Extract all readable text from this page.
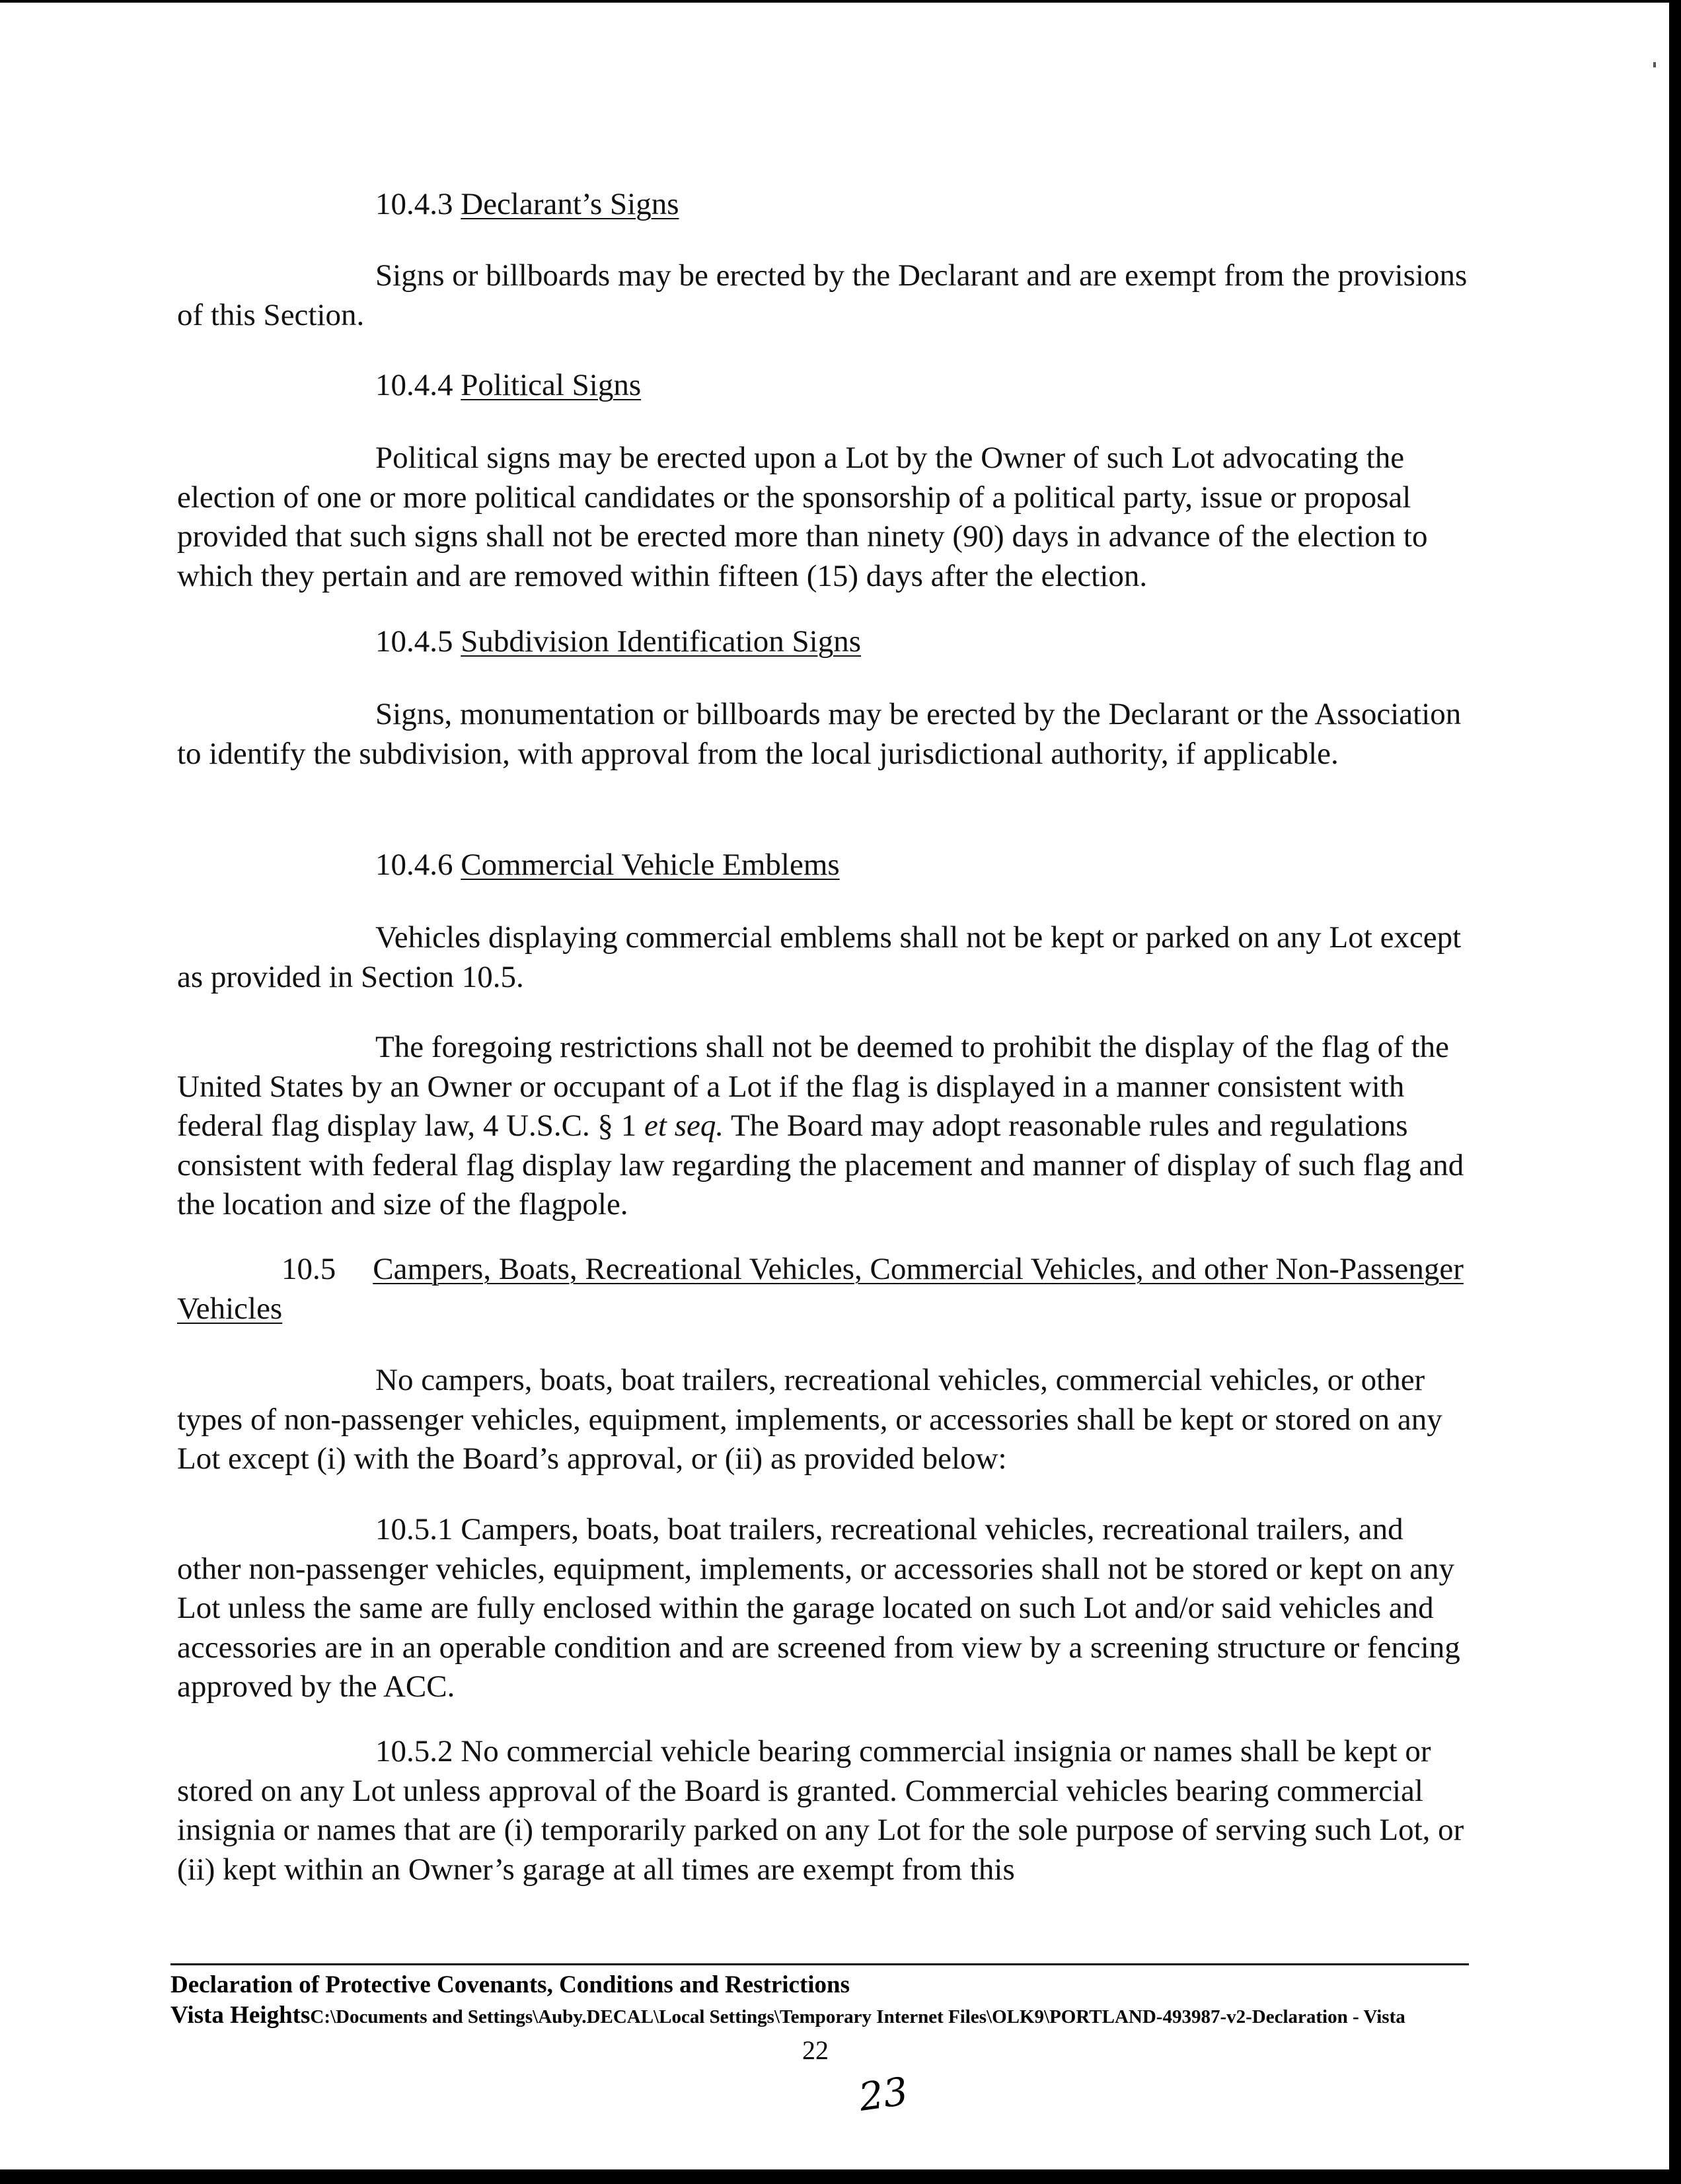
10.4.3 Declarant’s Signs
Signs or billboards may be erected by the Declarant and are exempt from the provisions of this Section.
10.4.4 Political Signs
Political signs may be erected upon a Lot by the Owner of such Lot advocating the election of one or more political candidates or the sponsorship of a political party, issue or proposal provided that such signs shall not be erected more than ninety (90) days in advance of the election to which they pertain and are removed within fifteen (15) days after the election.
10.4.5 Subdivision Identification Signs
Signs, monumentation or billboards may be erected by the Declarant or the Association to identify the subdivision, with approval from the local jurisdictional authority, if applicable.
10.4.6 Commercial Vehicle Emblems
Vehicles displaying commercial emblems shall not be kept or parked on any Lot except as provided in Section 10.5.
The foregoing restrictions shall not be deemed to prohibit the display of the flag of the United States by an Owner or occupant of a Lot if the flag is displayed in a manner consistent with federal flag display law, 4 U.S.C. § 1 et seq. The Board may adopt reasonable rules and regulations consistent with federal flag display law regarding the placement and manner of display of such flag and the location and size of the flagpole.
10.5 Campers, Boats, Recreational Vehicles, Commercial Vehicles, and other Non-Passenger Vehicles
No campers, boats, boat trailers, recreational vehicles, commercial vehicles, or other types of non-passenger vehicles, equipment, implements, or accessories shall be kept or stored on any Lot except (i) with the Board’s approval, or (ii) as provided below:
10.5.1 Campers, boats, boat trailers, recreational vehicles, recreational trailers, and other non-passenger vehicles, equipment, implements, or accessories shall not be stored or kept on any Lot unless the same are fully enclosed within the garage located on such Lot and/or said vehicles and accessories are in an operable condition and are screened from view by a screening structure or fencing approved by the ACC.
10.5.2 No commercial vehicle bearing commercial insignia or names shall be kept or stored on any Lot unless approval of the Board is granted. Commercial vehicles bearing commercial insignia or names that are (i) temporarily parked on any Lot for the sole purpose of serving such Lot, or (ii) kept within an Owner’s garage at all times are exempt from this
Declaration of Protective Covenants, Conditions and Restrictions
Vista HeightsC:\Documents and Settings\Auby.DECAL\Local Settings\Temporary Internet Files\OLK9\PORTLAND-493987-v2-Declaration - Vista
22
23
